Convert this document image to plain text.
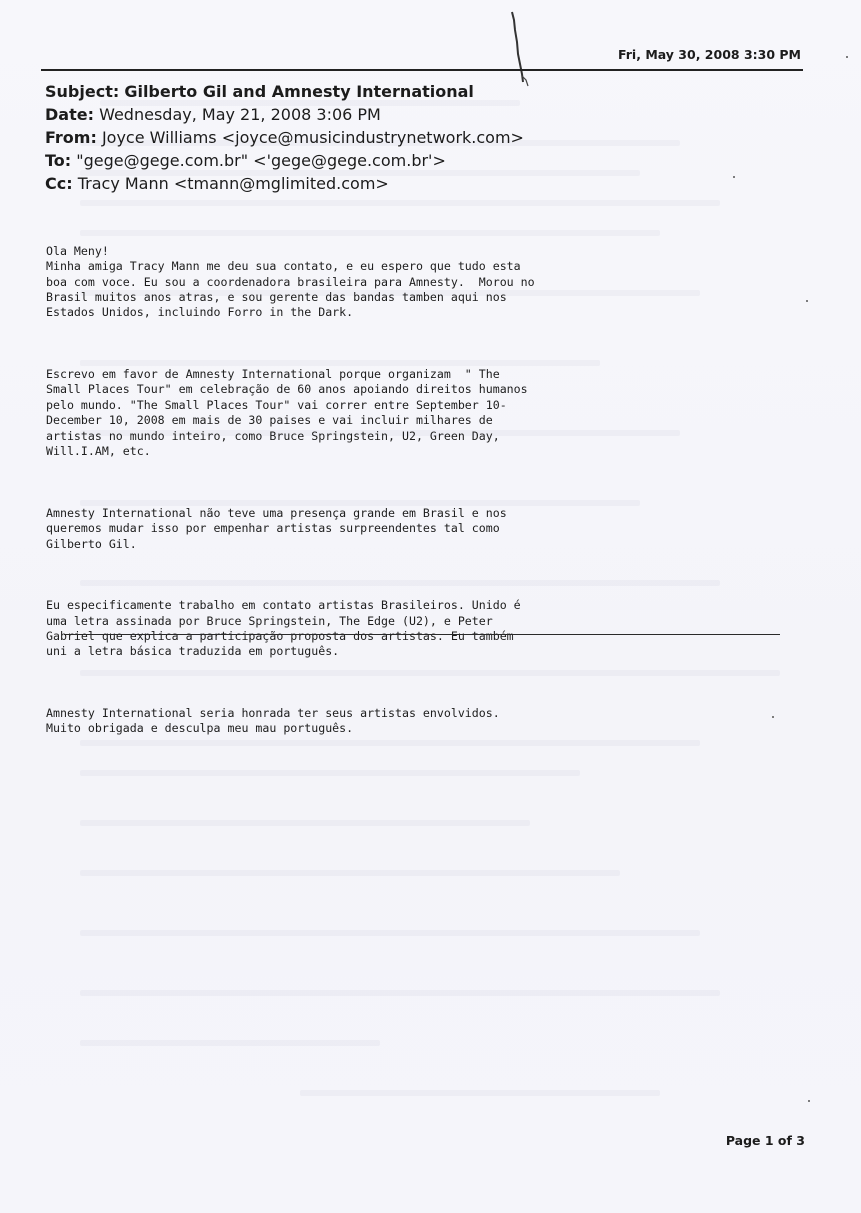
Fri, May 30, 2008 3:30 PM
Subject: Gilberto Gil and Amnesty International
Date: Wednesday, May 21, 2008 3:06 PM
From: Joyce Williams <joyce@musicindustrynetwork.com>
To: "gege@gege.com.br" <'gege@gege.com.br'>
Cc: Tracy Mann <tmann@mglimited.com>

Ola Meny!
Minha amiga Tracy Mann me deu sua contato, e eu espero que tudo esta
boa com voce. Eu sou a coordenadora brasileira para Amnesty.  Morou no
Brasil muitos anos atras, e sou gerente das bandas tamben aqui nos
Estados Unidos, incluindo Forro in the Dark.

Escrevo em favor de Amnesty International porque organizam  " The
Small Places Tour" em celebração de 60 anos apoiando direitos humanos
pelo mundo. "The Small Places Tour" vai correr entre September 10-
December 10, 2008 em mais de 30 paises e vai incluir milhares de
artistas no mundo inteiro, como Bruce Springstein, U2, Green Day,
Will.I.AM, etc.

Amnesty International não teve uma presença grande em Brasil e nos
queremos mudar isso por empenhar artistas surpreendentes tal como
Gilberto Gil.

Eu especificamente trabalho em contato artistas Brasileiros. Unido é
uma letra assinada por Bruce Springstein, The Edge (U2), e Peter
Gabriel que explica a participação proposta dos artistas. Eu também
uni a letra básica traduzida em português.

Amnesty International seria honrada ter seus artistas envolvidos.
Muito obrigada e desculpa meu mau português.

Page 1 of 3
